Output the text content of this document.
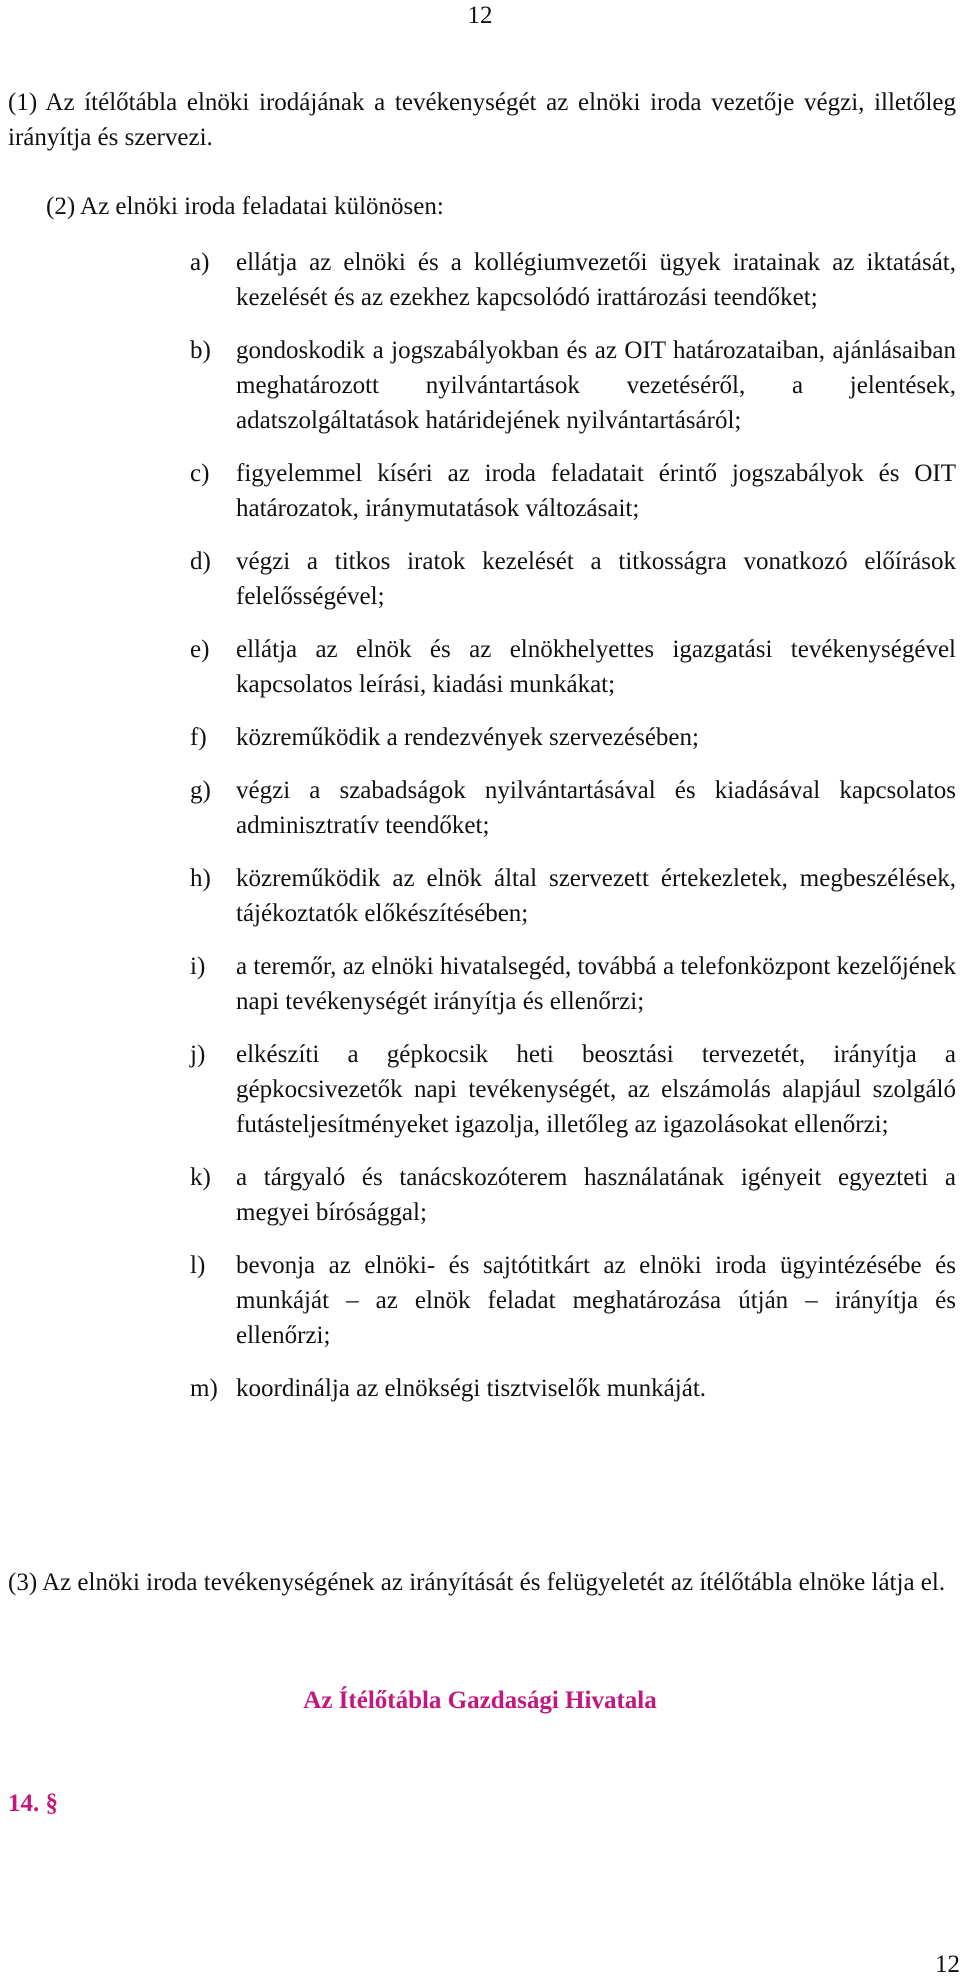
12
(1) Az ítélőtábla elnöki irodájának a tevékenységét az elnöki iroda vezetője végzi, illetőleg irányítja és szervezi.
(2) Az elnöki iroda feladatai különösen:
a) ellátja az elnöki és a kollégiumvezetői ügyek iratainak az iktatását, kezelését és az ezekhez kapcsolódó irattározási teendőket;
b) gondoskodik a jogszabályokban és az OIT határozataiban, ajánlásaiban meghatározott nyilvántartások vezetéséről, a jelentések, adatszolgáltatások határidejének nyilvántartásáról;
c) figyelemmel kíséri az iroda feladatait érintő jogszabályok és OIT határozatok, iránymutatások változásait;
d) végzi a titkos iratok kezelését a titkosságra vonatkozó előírások felelősségével;
e) ellátja az elnök és az elnökhelyettes igazgatási tevékenységével kapcsolatos leírási, kiadási munkákat;
f) közreműködik a rendezvények szervezésében;
g) végzi a szabadságok nyilvántartásával és kiadásával kapcsolatos adminisztratív teendőket;
h) közreműködik az elnök által szervezett értekezletek, megbeszélések, tájékoztatók előkészítésében;
i) a teremőr, az elnöki hivatalsegéd, továbbá a telefonközpont kezelőjének napi tevékenységét irányítja és ellenőrzi;
j) elkészíti a gépkocsik heti beosztási tervezetét, irányítja a gépkocsivezetők napi tevékenységét, az elszámolás alapjául szolgáló futásteljesítményeket igazolja, illetőleg az igazolásokat ellenőrzi;
k) a tárgyaló és tanácskozóterem használatának igényeit egyezteti a megyei bírósággal;
l) bevonja az elnöki- és sajtótitkárt az elnöki iroda ügyintézésébe és munkáját – az elnök feladat meghatározása útján – irányítja és ellenőrzi;
m) koordinálja az elnökségi tisztviselők munkáját.
(3) Az elnöki iroda tevékenységének az irányítását és felügyeletét az ítélőtábla elnöke látja el.
Az Ítélőtábla Gazdasági Hivatala
14. §
12
